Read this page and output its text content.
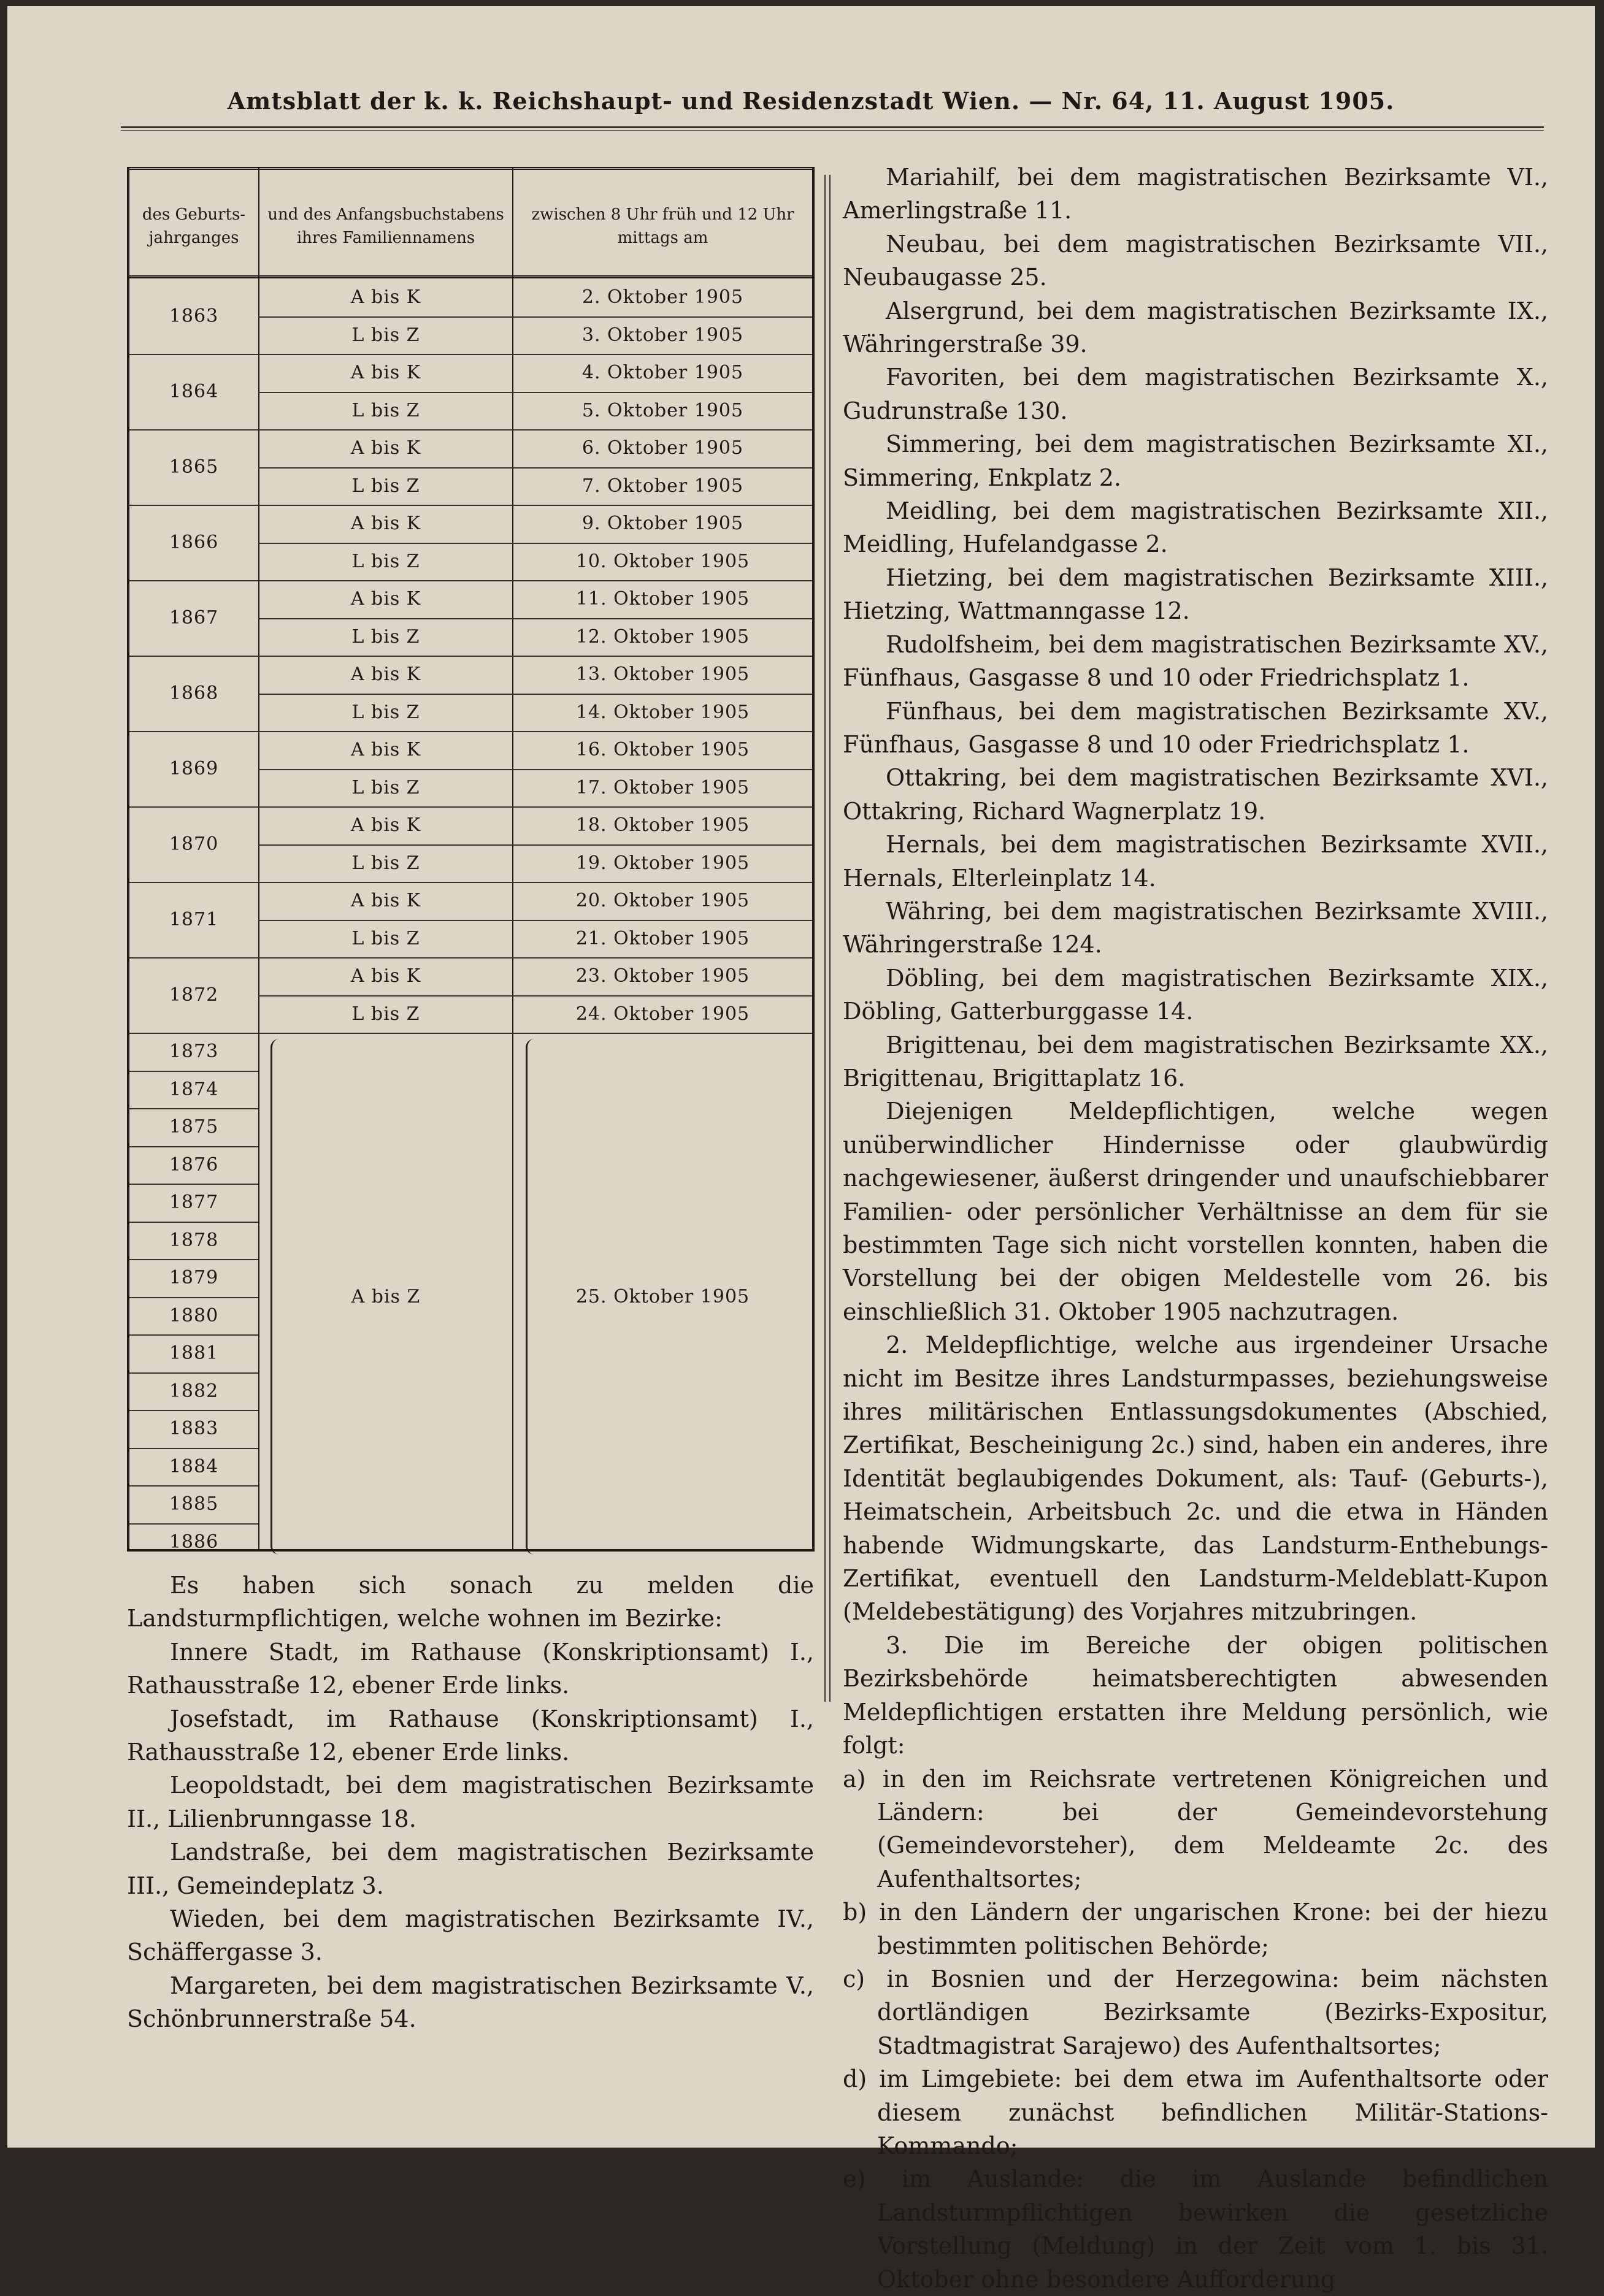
Amtsblatt der k. k. Reichshaupt- und Residenzstadt Wien. — Nr. 64, 11. August 1905.
des Geburts-jahrganges
und des Anfangsbuchstabens ihres Familiennamens
zwischen 8 Uhr früh und 12 Uhr mittags am
1863
A bis K	2. Oktober 1905
L bis Z	3. Oktober 1905
1864
A bis K	4. Oktober 1905
L bis Z	5. Oktober 1905
1865
A bis K	6. Oktober 1905
L bis Z	7. Oktober 1905
1866
A bis K	9. Oktober 1905
L bis Z	10. Oktober 1905
1867
A bis K	11. Oktober 1905
L bis Z	12. Oktober 1905
1868
A bis K	13. Oktober 1905
L bis Z	14. Oktober 1905
1869
A bis K	16. Oktober 1905
L bis Z	17. Oktober 1905
1870
A bis K	18. Oktober 1905
L bis Z	19. Oktober 1905
1871
A bis K	20. Oktober 1905
L bis Z	21. Oktober 1905
1872
A bis K	23. Oktober 1905
L bis Z	24. Oktober 1905
1873
1874
1875
1876
1877
1878
1879
1880
1881
1882
1883
1884
1885
1886
A bis Z	25. Oktober 1905

Es haben sich sonach zu melden die Landsturmpflichtigen, welche wohnen im Bezirke:

Innere Stadt, im Rathause (Konskriptionsamt) I., Rathausstraße 12, ebener Erde links.

Josefstadt, im Rathause (Konskriptionsamt) I., Rathausstraße 12, ebener Erde links.

Leopoldstadt, bei dem magistratischen Bezirksamte II., Lilienbrunngasse 18.

Landstraße, bei dem magistratischen Bezirksamte III., Gemeindeplatz 3.

Wieden, bei dem magistratischen Bezirksamte IV., Schäffergasse 3.

Margareten, bei dem magistratischen Bezirksamte V., Schönbrunnerstraße 54.

Mariahilf, bei dem magistratischen Bezirksamte VI., Amerlingstraße 11.

Neubau, bei dem magistratischen Bezirksamte VII., Neubaugasse 25.

Alsergrund, bei dem magistratischen Bezirksamte IX., Währingerstraße 39.

Favoriten, bei dem magistratischen Bezirksamte X., Gudrunstraße 130.

Simmering, bei dem magistratischen Bezirksamte XI., Simmering, Enkplatz 2.

Meidling, bei dem magistratischen Bezirksamte XII., Meidling, Hufelandgasse 2.

Hietzing, bei dem magistratischen Bezirksamte XIII., Hietzing, Wattmanngasse 12.

Rudolfsheim, bei dem magistratischen Bezirksamte XV., Fünfhaus, Gasgasse 8 und 10 oder Friedrichsplatz 1.

Fünfhaus, bei dem magistratischen Bezirksamte XV., Fünfhaus, Gasgasse 8 und 10 oder Friedrichsplatz 1.

Ottakring, bei dem magistratischen Bezirksamte XVI., Ottakring, Richard Wagnerplatz 19.

Hernals, bei dem magistratischen Bezirksamte XVII., Hernals, Elterleinplatz 14.

Währing, bei dem magistratischen Bezirksamte XVIII., Währingerstraße 124.

Döbling, bei dem magistratischen Bezirksamte XIX., Döbling, Gatterburggasse 14.

Brigittenau, bei dem magistratischen Bezirksamte XX., Brigittenau, Brigittaplatz 16.

Diejenigen Meldepflichtigen, welche wegen unüberwindlicher Hindernisse oder glaubwürdig nachgewiesener, äußerst dringender und unaufschiebbarer Familien- oder persönlicher Verhältnisse an dem für sie bestimmten Tage sich nicht vorstellen konnten, haben die Vorstellung bei der obigen Meldestelle vom 26. bis einschließlich 31. Oktober 1905 nachzutragen.

2. Meldepflichtige, welche aus irgendeiner Ursache nicht im Besitze ihres Landsturmpasses, beziehungsweise ihres militärischen Entlassungsdokumentes (Abschied, Zertifikat, Bescheinigung 2c.) sind, haben ein anderes, ihre Identität beglaubigendes Dokument, als: Tauf- (Geburts-), Heimatschein, Arbeitsbuch 2c. und die etwa in Händen habende Widmungskarte, das Landsturm-Enthebungs-Zertifikat, eventuell den Landsturm-Meldeblatt-Kupon (Meldebestätigung) des Vorjahres mitzubringen.

3. Die im Bereiche der obigen politischen Bezirksbehörde heimatsberechtigten abwesenden Meldepflichtigen erstatten ihre Meldung persönlich, wie folgt:

a) in den im Reichsrate vertretenen Königreichen und Ländern: bei der Gemeindevorstehung (Gemeindevorsteher), dem Meldeamte 2c. des Aufenthaltsortes;

b) in den Ländern der ungarischen Krone: bei der hiezu bestimmten politischen Behörde;

c) in Bosnien und der Herzegowina: beim nächsten dortländigen Bezirksamte (Bezirks-Expositur, Stadtmagistrat Sarajewo) des Aufenthaltsortes;

d) im Limgebiete: bei dem etwa im Aufenthaltsorte oder diesem zunächst befindlichen Militär-Stations-Kommando;

e) im Auslande: die im Auslande befindlichen Landsturmpflichtigen bewirken die gesetzliche Vorstellung (Meldung) in der Zeit vom 1. bis 31. Oktober ohne besondere Aufforderung
